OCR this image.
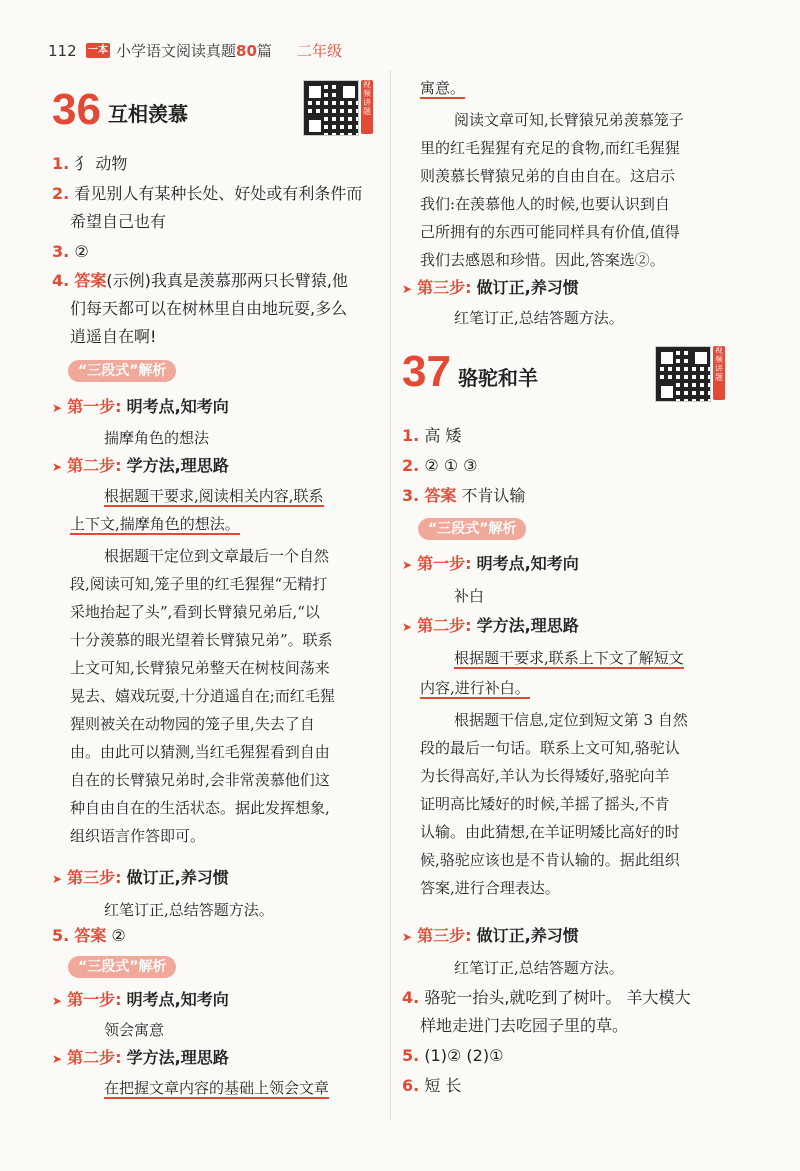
112 一本 小学语文阅读真题80篇 二年级
36 互相羡慕
视频讲题
1. 犭 动物
2. 看见别人有某种长处、好处或有利条件而
希望自己也有
3. ②
4. 答案(示例)我真是羡慕那两只长臂猿,他
们每天都可以在树林里自由地玩耍,多么
逍遥自在啊!
“三段式”解析
➤ 第一步: 明考点,知考向
揣摩角色的想法
➤ 第二步: 学方法,理思路
根据题干要求,阅读相关内容,联系
上下文,揣摩角色的想法。
根据题干定位到文章最后一个自然
段,阅读可知,笼子里的红毛猩猩“无精打
采地抬起了头”,看到长臂猿兄弟后,“以
十分羡慕的眼光望着长臂猿兄弟”。联系
上文可知,长臂猿兄弟整天在树枝间荡来
晃去、嬉戏玩耍,十分逍遥自在;而红毛猩
猩则被关在动物园的笼子里,失去了自
由。由此可以猜测,当红毛猩猩看到自由
自在的长臂猿兄弟时,会非常羡慕他们这
种自由自在的生活状态。据此发挥想象,
组织语言作答即可。
➤ 第三步: 做订正,养习惯
红笔订正,总结答题方法。
5. 答案 ②
“三段式”解析
➤ 第一步: 明考点,知考向
领会寓意
➤ 第二步: 学方法,理思路
在把握文章内容的基础上领会文章
寓意。
阅读文章可知,长臂猿兄弟羡慕笼子
里的红毛猩猩有充足的食物,而红毛猩猩
则羡慕长臂猿兄弟的自由自在。这启示
我们:在羡慕他人的时候,也要认识到自
己所拥有的东西可能同样具有价值,值得
我们去感恩和珍惜。因此,答案选②。
➤ 第三步: 做订正,养习惯
红笔订正,总结答题方法。
37 骆驼和羊
视频讲题
1. 高 矮
2. ② ① ③
3. 答案 不肯认输
“三段式”解析
➤ 第一步: 明考点,知考向
补白
➤ 第二步: 学方法,理思路
根据题干要求,联系上下文了解短文
内容,进行补白。
根据题干信息,定位到短文第 3 自然
段的最后一句话。联系上文可知,骆驼认
为长得高好,羊认为长得矮好,骆驼向羊
证明高比矮好的时候,羊摇了摇头,不肯
认输。由此猜想,在羊证明矮比高好的时
候,骆驼应该也是不肯认输的。据此组织
答案,进行合理表达。
➤ 第三步: 做订正,养习惯
红笔订正,总结答题方法。
4. 骆驼一抬头,就吃到了树叶。 羊大模大
样地走进门去吃园子里的草。
5. (1)② (2)①
6. 短 长
